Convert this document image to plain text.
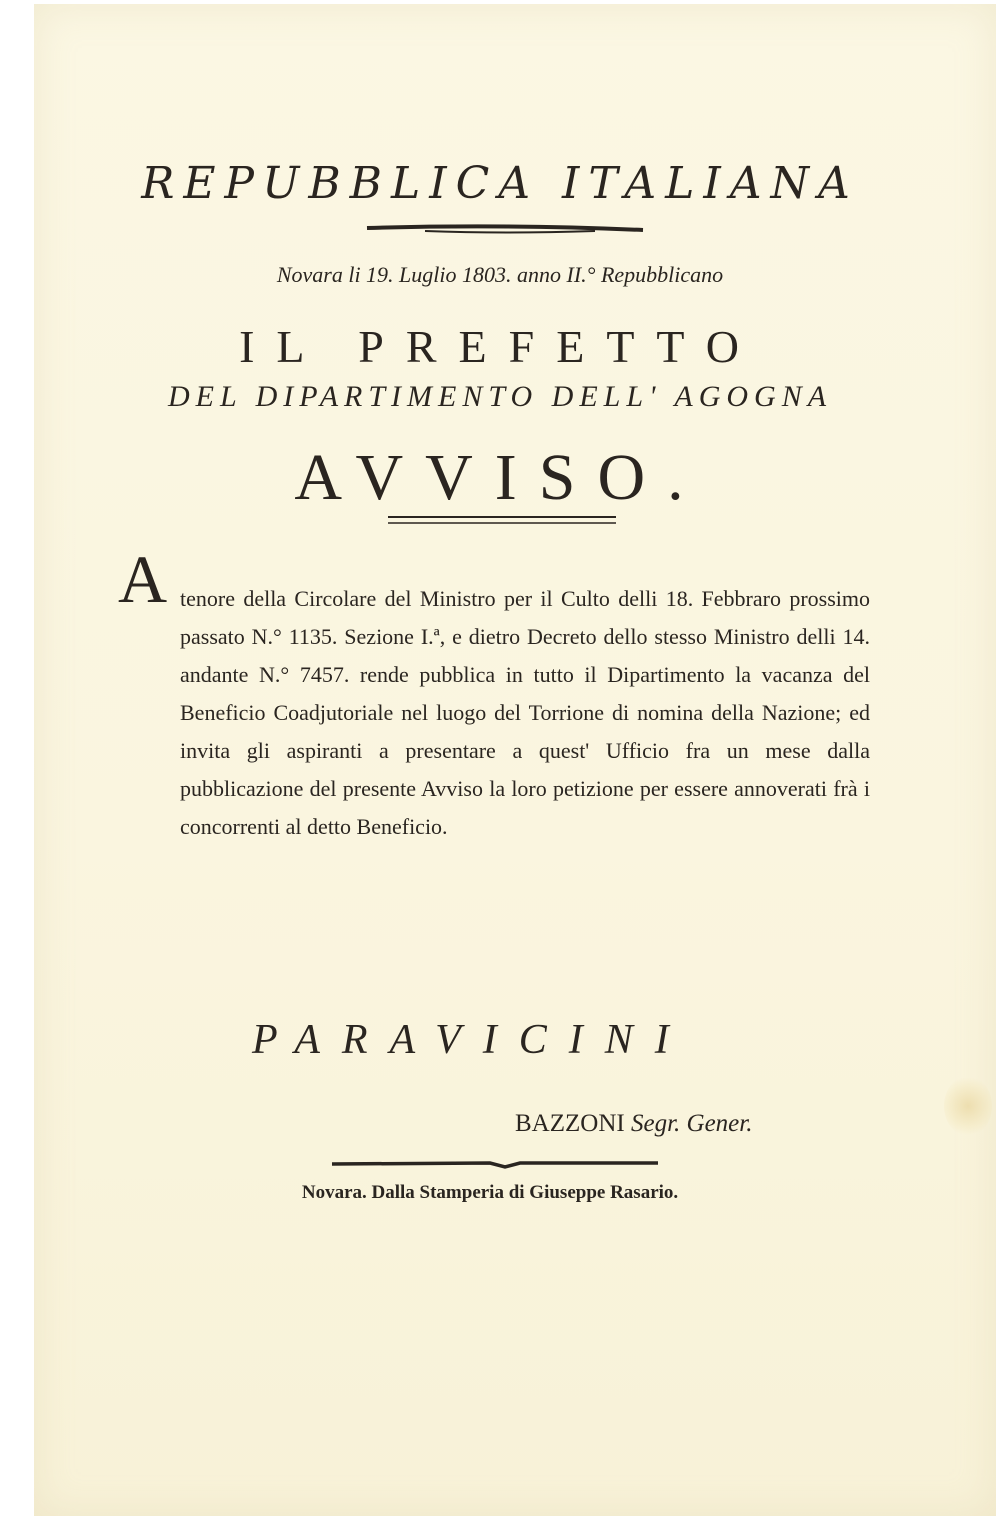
REPUBBLICA ITALIANA
Novara li 19. Luglio 1803. anno II.° Repubblicano
IL PREFETTO
DEL DIPARTIMENTO DELL' AGOGNA
AVVISO.
A tenore della Circolare del Ministro per il Culto delli 18. Febbraro prossimo passato N.° 1135. Sezione I.ª, e dietro Decreto dello stesso Ministro delli 14. andante N.° 7457. rende pubblica in tutto il Dipartimento la vacanza del Beneficio Coadjutoriale nel luogo del Torrione di nomina della Nazione; ed invita gli aspiranti a presentare a quest' Ufficio fra un mese dalla pubblicazione del presente Avviso la loro petizione per essere annoverati frà i concorrenti al detto Beneficio.
PARAVICINI
BAZZONI Segr. Gener.
Novara. Dalla Stamperia di Giuseppe Rasario.
